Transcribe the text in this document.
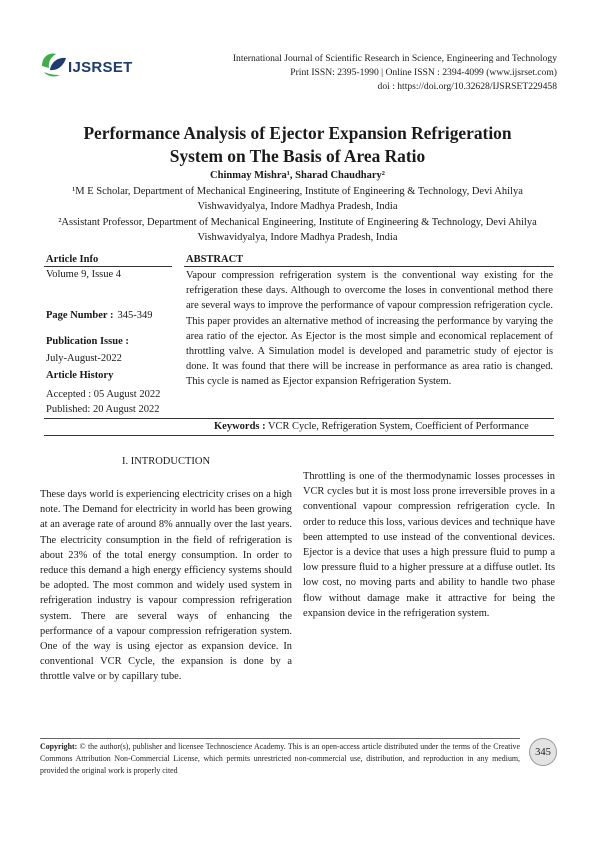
IJSRSET
International Journal of Scientific Research in Science, Engineering and Technology
Print ISSN: 2395-1990 | Online ISSN : 2394-4099 (www.ijsrset.com)
doi : https://doi.org/10.32628/IJSRSET229458
Performance Analysis of Ejector Expansion Refrigeration
System on The Basis of Area Ratio
Chinmay Mishra¹, Sharad Chaudhary²
¹M E Scholar, Department of Mechanical Engineering, Institute of Engineering & Technology, Devi Ahilya Vishwavidyalya, Indore Madhya Pradesh, India
²Assistant Professor, Department of Mechanical Engineering, Institute of Engineering & Technology, Devi Ahilya Vishwavidyalya, Indore Madhya Pradesh, India
Article Info
Volume 9, Issue 4
Page Number : 345-349
Publication Issue :
July-August-2022
Article History
Accepted : 05 August 2022
Published: 20 August 2022
ABSTRACT
Vapour compression refrigeration system is the conventional way existing for the refrigeration these days. Although to overcome the loses in conventional method there are several ways to improve the performance of vapour compression refrigeration cycle. This paper provides an alternative method of increasing the performance by varying the area ratio of the ejector. As Ejector is the most simple and economical replacement of throttling valve. A Simulation model is developed and parametric study of ejector is done. It was found that there will be increase in performance as area ratio is changed. This cycle is named as Ejector expansion Refrigeration System.
Keywords : VCR Cycle, Refrigeration System, Coefficient of Performance
I. INTRODUCTION
These days world is experiencing electricity crises on a high note. The Demand for electricity in world has been growing at an average rate of around 8% annually over the last years. The electricity consumption in the field of refrigeration is about 23% of the total energy consumption. In order to reduce this demand a high energy efficiency systems should be adopted. The most common and widely used system in refrigeration industry is vapour compression refrigeration system. There are several ways of enhancing the performance of a vapour compression refrigeration system. One of the way is using ejector as expansion device. In conventional VCR Cycle, the expansion is done by a throttle valve or by capillary tube.
Throttling is one of the thermodynamic losses processes in VCR cycles but it is most loss prone irreversible proves in a conventional vapour compression refrigeration cycle. In order to reduce this loss, various devices and technique have been attempted to use instead of the conventional devices. Ejector is a device that uses a high pressure fluid to pump a low pressure fluid to a higher pressure at a diffuse outlet. Its low cost, no moving parts and ability to handle two phase flow without damage make it attractive for being the expansion device in the refrigeration system.
Copyright: © the author(s), publisher and licensee Technoscience Academy. This is an open-access article distributed under the terms of the Creative Commons Attribution Non-Commercial License, which permits unrestricted non-commercial use, distribution, and reproduction in any medium, provided the original work is properly cited
345
